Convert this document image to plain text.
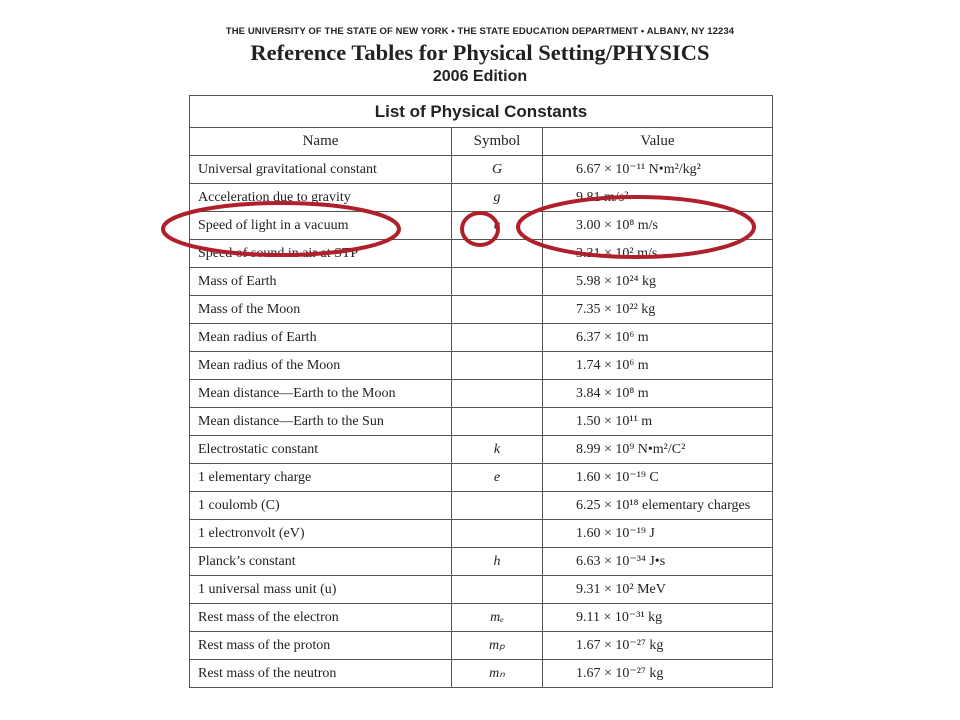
THE UNIVERSITY OF THE STATE OF NEW YORK • THE STATE EDUCATION DEPARTMENT • ALBANY, NY 12234
Reference Tables for Physical Setting/PHYSICS
2006 Edition
List of Physical Constants		
Name	Symbol	Value
Universal gravitational constant	G	6.67 × 10⁻¹¹ N•m²/kg²
Acceleration due to gravity	g	9.81 m/s²
Speed of light in a vacuum	c	3.00 × 10⁸ m/s
Speed of sound in air at STP		3.31 × 10² m/s
Mass of Earth		5.98 × 10²⁴ kg
Mass of the Moon		7.35 × 10²² kg
Mean radius of Earth		6.37 × 10⁶ m
Mean radius of the Moon		1.74 × 10⁶ m
Mean distance—Earth to the Moon		3.84 × 10⁸ m
Mean distance—Earth to the Sun		1.50 × 10¹¹ m
Electrostatic constant	k	8.99 × 10⁹ N•m²/C²
1 elementary charge	e	1.60 × 10⁻¹⁹ C
1 coulomb (C)		6.25 × 10¹⁸ elementary charges
1 electronvolt (eV)		1.60 × 10⁻¹⁹ J
Planck’s constant	h	6.63 × 10⁻³⁴ J•s
1 universal mass unit (u)		9.31 × 10² MeV
Rest mass of the electron	mₑ	9.11 × 10⁻³¹ kg
Rest mass of the proton	mₚ	1.67 × 10⁻²⁷ kg
Rest mass of the neutron	mₙ	1.67 × 10⁻²⁷ kg
